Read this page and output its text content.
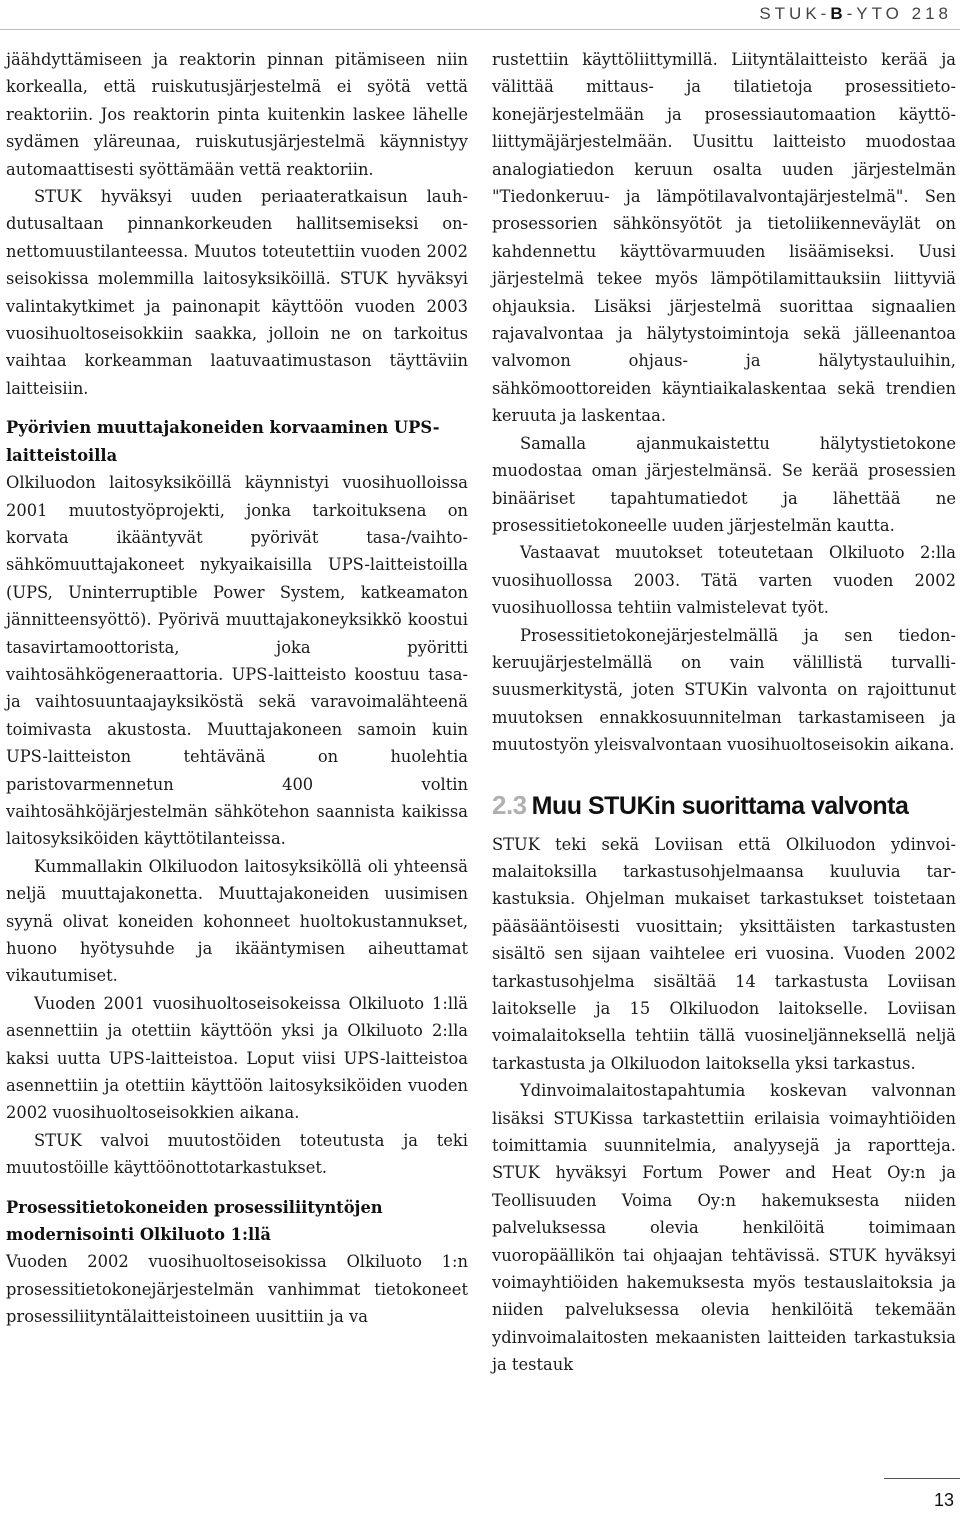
STUK-B-YTO 218

jäähdyttämiseen ja reaktorin pinnan pitämiseen niin korkealla, että ruiskutusjärjestelmä ei syötä vettä reaktoriin. Jos reaktorin pinta kuitenkin laskee lähelle sydämen yläreunaa, ruiskutusjärjestelmä käynnistyy automaattisesti syöttämään vettä reaktoriin.

STUK hyväksyi uuden periaateratkaisun lauhdutusaltaan pinnankorkeuden hallitsemiseksi onnettomuustilanteessa. Muutos toteutettiin vuoden 2002 seisokissa molemmilla laitosyksiköillä. STUK hyväksyi valintakytkimet ja painonapit käyttöön vuoden 2003 vuosihuoltoseisokkiin saakka, jolloin ne on tarkoitus vaihtaa korkeamman laatuvaatimustason täyttäviin laitteisiin.

Pyörivien muuttajakoneiden korvaaminen UPS-laitteistoilla

Olkiluodon laitosyksiköillä käynnistyi vuosihuolloissa 2001 muutostyöprojekti, jonka tarkoituksena on korvata ikääntyvät pyörivät tasa-/vaihtosähkömuuttajakoneet nykyaikaisilla UPS-laitteistoilla (UPS, Uninterruptible Power System, katkeamaton jännitteensyöttö). Pyörivä muuttajakoneyksikkö koostui tasavirtamoottorista, joka pyöritti vaihtosähkögeneraattoria. UPS-laitteisto koostuu tasa- ja vaihtosuuntaajayksiköstä sekä varavoimalähteenä toimivasta akustosta. Muuttajakoneen samoin kuin UPS-laitteiston tehtävänä on huolehtia paristovarmennetun 400 voltin vaihtosähköjärjestelmän sähkötehon saannista kaikissa laitosyksiköiden käyttötilanteissa.

Kummallakin Olkiluodon laitosyksiköllä oli yhteensä neljä muuttajakonetta. Muuttajakoneiden uusimisen syynä olivat koneiden kohonneet huoltokustannukset, huono hyötysuhde ja ikääntymisen aiheuttamat vikautumiset.

Vuoden 2001 vuosihuoltoseisokeissa Olkiluoto 1:llä asennettiin ja otettiin käyttöön yksi ja Olkiluoto 2:lla kaksi uutta UPS-laitteistoa. Loput viisi UPS-laitteistoa asennettiin ja otettiin käyttöön laitosyksiköiden vuoden 2002 vuosihuoltoseisokkien aikana.

STUK valvoi muutostöiden toteutusta ja teki muutostöille käyttöönottotarkastukset.

Prosessitietokoneiden prosessiliityntöjen modernisointi Olkiluoto 1:llä

Vuoden 2002 vuosihuoltoseisokissa Olkiluoto 1:n prosessitietokonejärjestelmän vanhimmat tietokoneet prosessiliityntälaitteistoineen uusittiin ja va

rustettiin käyttöliittymillä. Liityntälaitteisto kerää ja välittää mittaus- ja tilatietoja prosessitietokonejärjestelmään ja prosessiautomaation käyttöliittymäjärjestelmään. Uusittu laitteisto muodostaa analogiatiedon keruun osalta uuden järjestelmän "Tiedonkeruu- ja lämpötilavalvontajärjestelmä". Sen prosessorien sähkönsyötöt ja tietoliikenneväylät on kahdennettu käyttövarmuuden lisäämiseksi. Uusi järjestelmä tekee myös lämpötilamittauksiin liittyviä ohjauksia. Lisäksi järjestelmä suorittaa signaalien rajavalvontaa ja hälytystoimintoja sekä jälleenantoa valvomon ohjaus- ja hälytystauluihin, sähkömoottoreiden käyntiaikalaskentaa sekä trendien keruuta ja laskentaa.

Samalla ajanmukaistettu hälytystietokone muodostaa oman järjestelmänsä. Se kerää prosessien binääriset tapahtumatiedot ja lähettää ne prosessitietokoneelle uuden järjestelmän kautta.

Vastaavat muutokset toteutetaan Olkiluoto 2:lla vuosihuollossa 2003. Tätä varten vuoden 2002 vuosihuollossa tehtiin valmistelevat työt.

Prosessitietokonejärjestelmällä ja sen tiedonkeruujärjestelmällä on vain välillistä turvallisuusmerkitystä, joten STUKin valvonta on rajoittunut muutoksen ennakkosuunnitelman tarkastamiseen ja muutostyön yleisvalvontaan vuosihuoltoseisokin aikana.

2.3 Muu STUKin suorittama valvonta

STUK teki sekä Loviisan että Olkiluodon ydinvoimalaitoksilla tarkastusohjelmaansa kuuluvia tarkastuksia. Ohjelman mukaiset tarkastukset toistetaan pääsääntöisesti vuosittain; yksittäisten tarkastusten sisältö sen sijaan vaihtelee eri vuosina. Vuoden 2002 tarkastusohjelma sisältää 14 tarkastusta Loviisan laitokselle ja 15 Olkiluodon laitokselle. Loviisan voimalaitoksella tehtiin tällä vuosineljänneksellä neljä tarkastusta ja Olkiluodon laitoksella yksi tarkastus.

Ydinvoimalaitostapahtumia koskevan valvonnan lisäksi STUKissa tarkastettiin erilaisia voimayhtiöiden toimittamia suunnitelmia, analyysejä ja raportteja. STUK hyväksyi Fortum Power and Heat Oy:n ja Teollisuuden Voima Oy:n hakemuksesta niiden palveluksessa olevia henkilöitä toimimaan vuoropäällikön tai ohjaajan tehtävissä. STUK hyväksyi voimayhtiöiden hakemuksesta myös testauslaitoksia ja niiden palveluksessa olevia henkilöitä tekemään ydinvoimalaitosten mekaanisten laitteiden tarkastuksia ja testauk

13
